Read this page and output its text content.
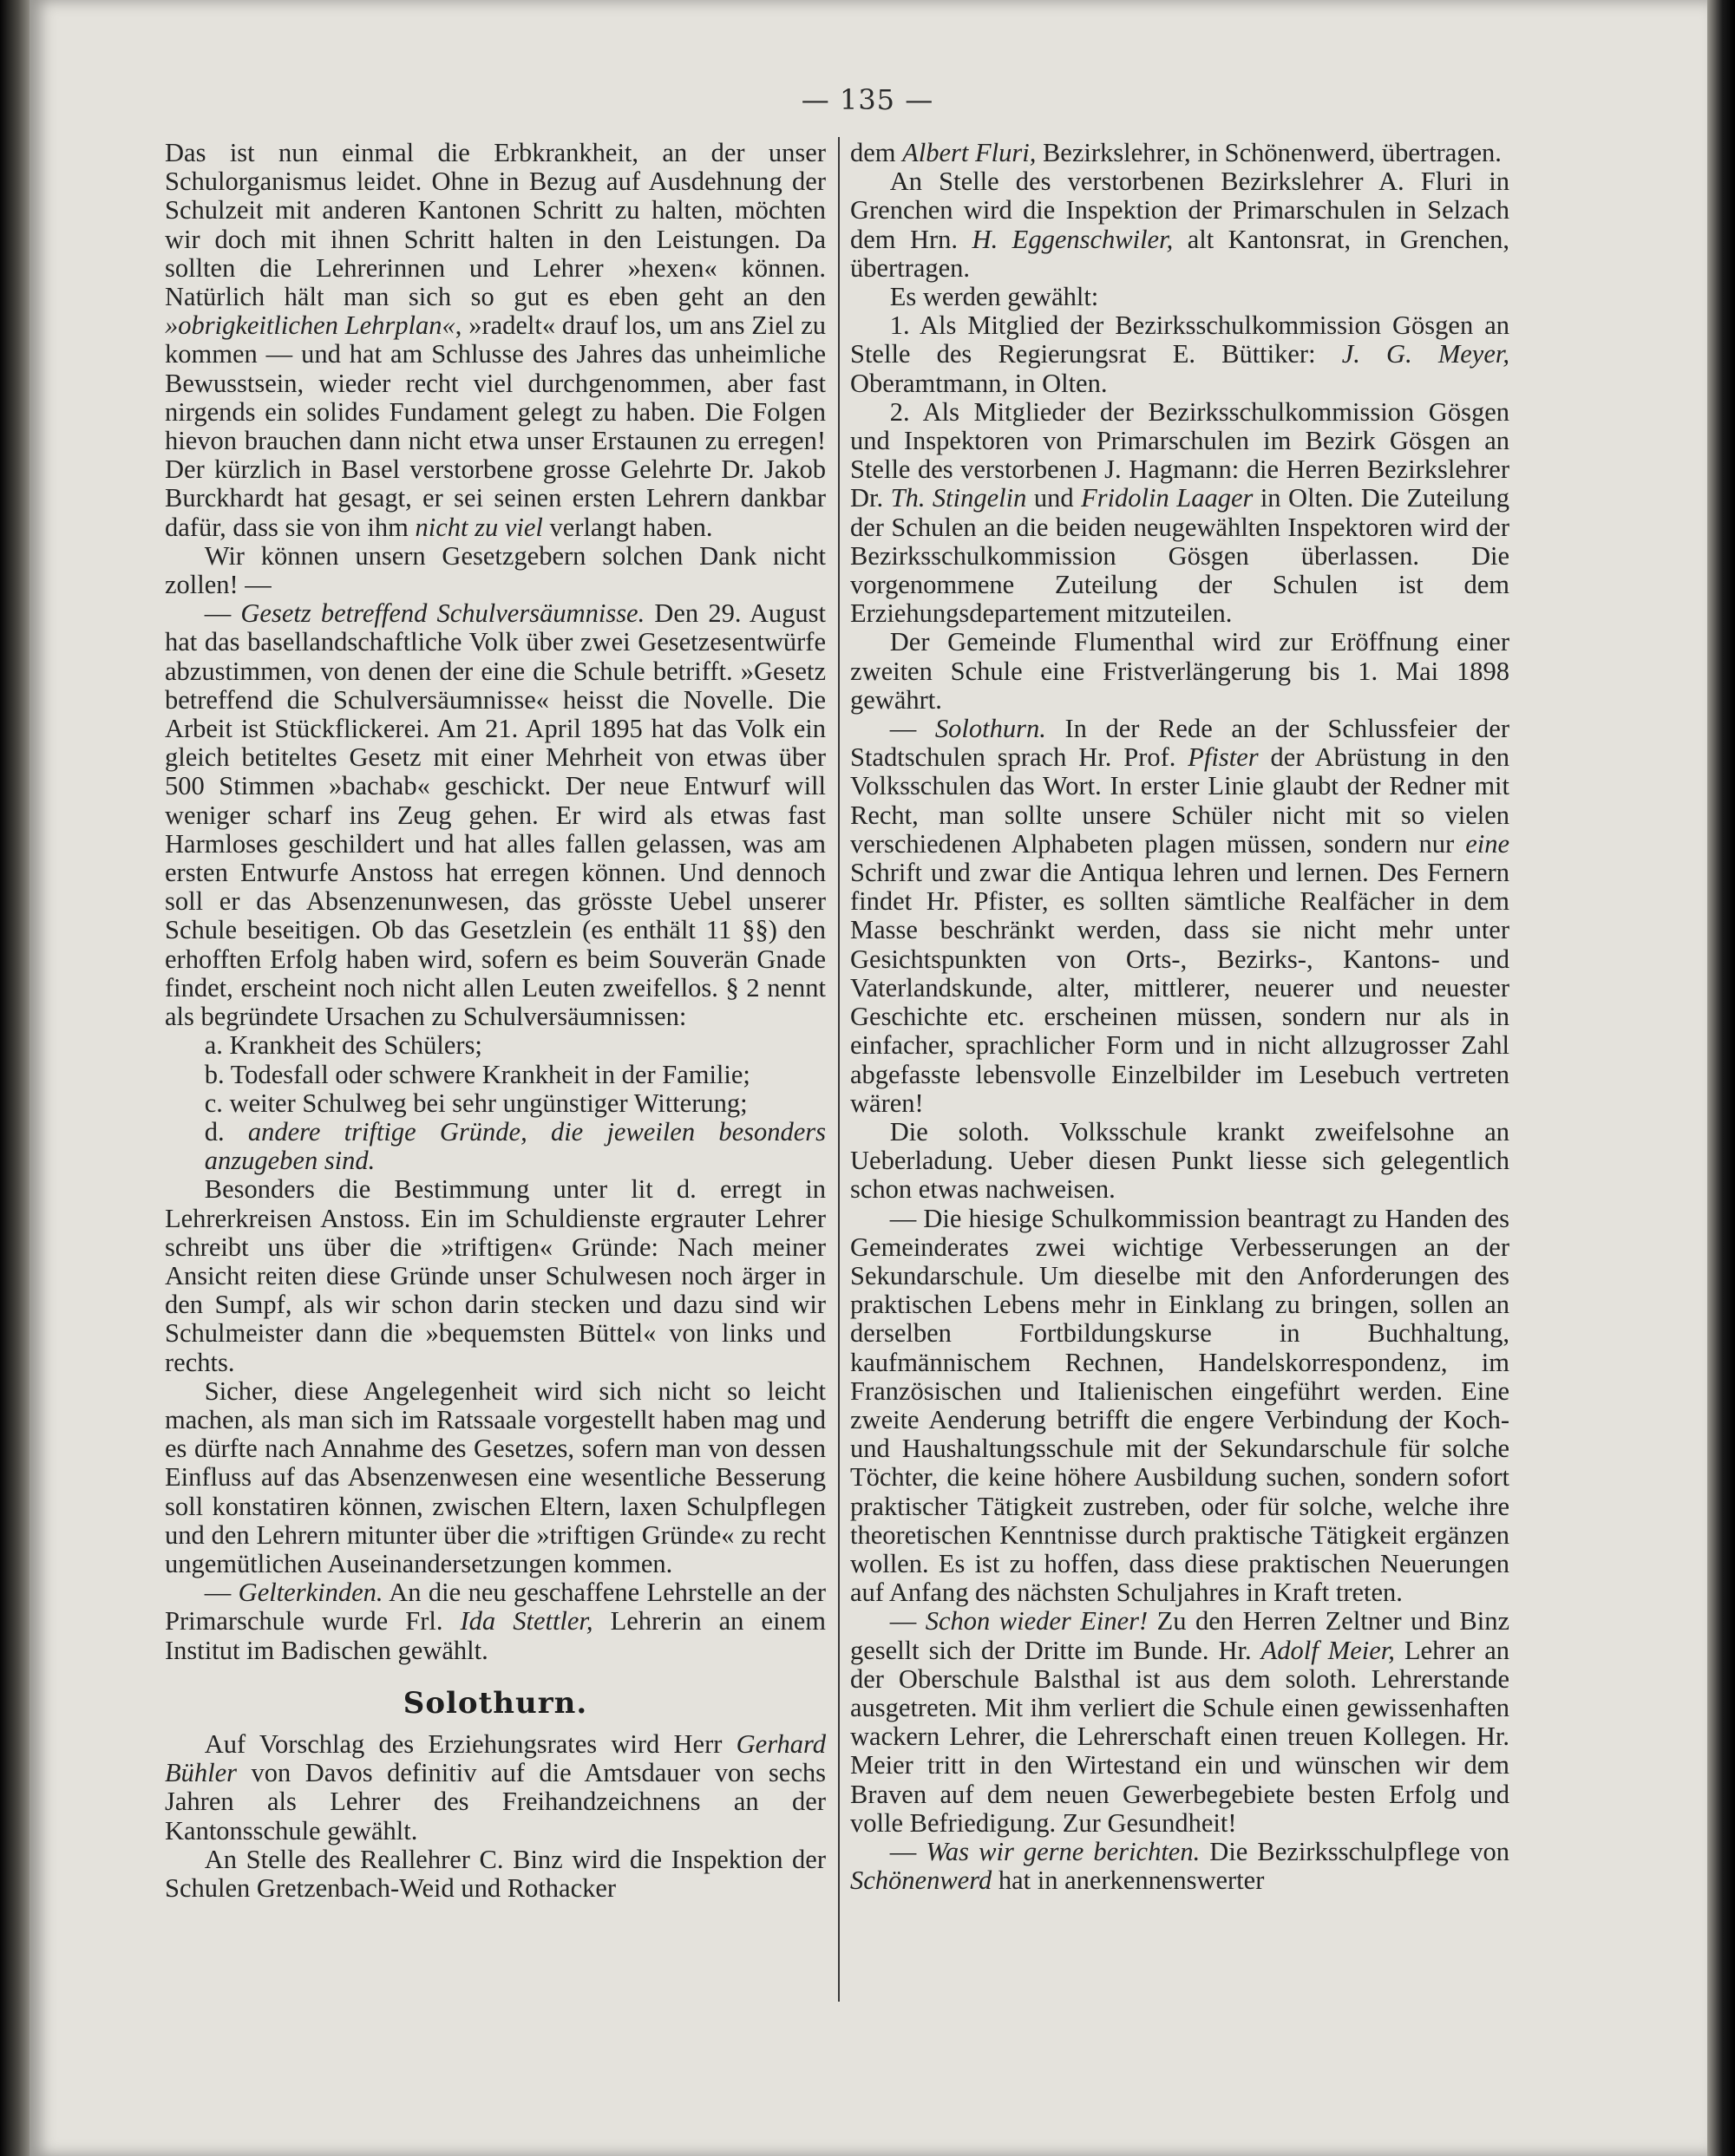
— 135 —

Das ist nun einmal die Erbkrankheit, an der unser Schulorganismus leidet. Ohne in Bezug auf Ausdehnung der Schulzeit mit anderen Kantonen Schritt zu halten, möchten wir doch mit ihnen Schritt halten in den Leistungen. Da sollten die Lehrerinnen und Lehrer »hexen« können. Natürlich hält man sich so gut es eben geht an den »obrigkeitlichen Lehrplan«, »radelt« drauf los, um ans Ziel zu kommen — und hat am Schlusse des Jahres das unheimliche Bewusstsein, wieder recht viel durchgenommen, aber fast nirgends ein solides Fundament gelegt zu haben. Die Folgen hievon brauchen dann nicht etwa unser Erstaunen zu erregen! Der kürzlich in Basel verstorbene grosse Gelehrte Dr. Jakob Burckhardt hat gesagt, er sei seinen ersten Lehrern dankbar dafür, dass sie von ihm nicht zu viel verlangt haben.

Wir können unsern Gesetzgebern solchen Dank nicht zollen! —

— Gesetz betreffend Schulversäumnisse. Den 29. August hat das basellandschaftliche Volk über zwei Gesetzesentwürfe abzustimmen, von denen der eine die Schule betrifft. »Gesetz betreffend die Schulversäumnisse« heisst die Novelle. Die Arbeit ist Stückflickerei. Am 21. April 1895 hat das Volk ein gleich betiteltes Gesetz mit einer Mehrheit von etwas über 500 Stimmen »bachab« geschickt. Der neue Entwurf will weniger scharf ins Zeug gehen. Er wird als etwas fast Harmloses geschildert und hat alles fallen gelassen, was am ersten Entwurfe Anstoss hat erregen können. Und dennoch soll er das Absenzenunwesen, das grösste Uebel unserer Schule beseitigen. Ob das Gesetzlein (es enthält 11 §§) den erhofften Erfolg haben wird, sofern es beim Souverän Gnade findet, erscheint noch nicht allen Leuten zweifellos. § 2 nennt als begründete Ursachen zu Schulversäumnissen:

a. Krankheit des Schülers;

b. Todesfall oder schwere Krankheit in der Familie;

c. weiter Schulweg bei sehr ungünstiger Witterung;

d. andere triftige Gründe, die jeweilen besonders anzugeben sind.

Besonders die Bestimmung unter lit d. erregt in Lehrerkreisen Anstoss. Ein im Schuldienste ergrauter Lehrer schreibt uns über die »triftigen« Gründe: Nach meiner Ansicht reiten diese Gründe unser Schulwesen noch ärger in den Sumpf, als wir schon darin stecken und dazu sind wir Schulmeister dann die »bequemsten Büttel« von links und rechts.

Sicher, diese Angelegenheit wird sich nicht so leicht machen, als man sich im Ratssaale vorgestellt haben mag und es dürfte nach Annahme des Gesetzes, sofern man von dessen Einfluss auf das Absenzenwesen eine wesentliche Besserung soll konstatiren können, zwischen Eltern, laxen Schulpflegen und den Lehrern mitunter über die »triftigen Gründe« zu recht ungemütlichen Auseinandersetzungen kommen.

— Gelterkinden. An die neu geschaffene Lehrstelle an der Primarschule wurde Frl. Ida Stettler, Lehrerin an einem Institut im Badischen gewählt.

Solothurn.

Auf Vorschlag des Erziehungsrates wird Herr Gerhard Bühler von Davos definitiv auf die Amtsdauer von sechs Jahren als Lehrer des Freihandzeichnens an der Kantonsschule gewählt.

An Stelle des Reallehrer C. Binz wird die Inspektion der Schulen Gretzenbach-Weid und Rothacker

dem Albert Fluri, Bezirkslehrer, in Schönenwerd, übertragen.

An Stelle des verstorbenen Bezirkslehrer A. Fluri in Grenchen wird die Inspektion der Primarschulen in Selzach dem Hrn. H. Eggenschwiler, alt Kantonsrat, in Grenchen, übertragen.

Es werden gewählt:

1. Als Mitglied der Bezirksschulkommission Gösgen an Stelle des Regierungsrat E. Büttiker: J. G. Meyer, Oberamtmann, in Olten.

2. Als Mitglieder der Bezirksschulkommission Gösgen und Inspektoren von Primarschulen im Bezirk Gösgen an Stelle des verstorbenen J. Hagmann: die Herren Bezirkslehrer Dr. Th. Stingelin und Fridolin Laager in Olten. Die Zuteilung der Schulen an die beiden neugewählten Inspektoren wird der Bezirksschulkommission Gösgen überlassen. Die vorgenommene Zuteilung der Schulen ist dem Erziehungsdepartement mitzuteilen.

Der Gemeinde Flumenthal wird zur Eröffnung einer zweiten Schule eine Fristverlängerung bis 1. Mai 1898 gewährt.

— Solothurn. In der Rede an der Schlussfeier der Stadtschulen sprach Hr. Prof. Pfister der Abrüstung in den Volksschulen das Wort. In erster Linie glaubt der Redner mit Recht, man sollte unsere Schüler nicht mit so vielen verschiedenen Alphabeten plagen müssen, sondern nur eine Schrift und zwar die Antiqua lehren und lernen. Des Fernern findet Hr. Pfister, es sollten sämtliche Realfächer in dem Masse beschränkt werden, dass sie nicht mehr unter Gesichtspunkten von Orts-, Bezirks-, Kantons- und Vaterlandskunde, alter, mittlerer, neuerer und neuester Geschichte etc. erscheinen müssen, sondern nur als in einfacher, sprachlicher Form und in nicht allzugrosser Zahl abgefasste lebensvolle Einzelbilder im Lesebuch vertreten wären!

Die soloth. Volksschule krankt zweifelsohne an Ueberladung. Ueber diesen Punkt liesse sich gelegentlich schon etwas nachweisen.

— Die hiesige Schulkommission beantragt zu Handen des Gemeinderates zwei wichtige Verbesserungen an der Sekundarschule. Um dieselbe mit den Anforderungen des praktischen Lebens mehr in Einklang zu bringen, sollen an derselben Fortbildungskurse in Buchhaltung, kaufmännischem Rechnen, Handelskorrespondenz, im Französischen und Italienischen eingeführt werden. Eine zweite Aenderung betrifft die engere Verbindung der Koch- und Haushaltungsschule mit der Sekundarschule für solche Töchter, die keine höhere Ausbildung suchen, sondern sofort praktischer Tätigkeit zustreben, oder für solche, welche ihre theoretischen Kenntnisse durch praktische Tätigkeit ergänzen wollen. Es ist zu hoffen, dass diese praktischen Neuerungen auf Anfang des nächsten Schuljahres in Kraft treten.

— Schon wieder Einer! Zu den Herren Zeltner und Binz gesellt sich der Dritte im Bunde. Hr. Adolf Meier, Lehrer an der Oberschule Balsthal ist aus dem soloth. Lehrerstande ausgetreten. Mit ihm verliert die Schule einen gewissenhaften wackern Lehrer, die Lehrerschaft einen treuen Kollegen. Hr. Meier tritt in den Wirtestand ein und wünschen wir dem Braven auf dem neuen Gewerbegebiete besten Erfolg und volle Befriedigung. Zur Gesundheit!

— Was wir gerne berichten. Die Bezirksschulpflege von Schönenwerd hat in anerkennenswerter
